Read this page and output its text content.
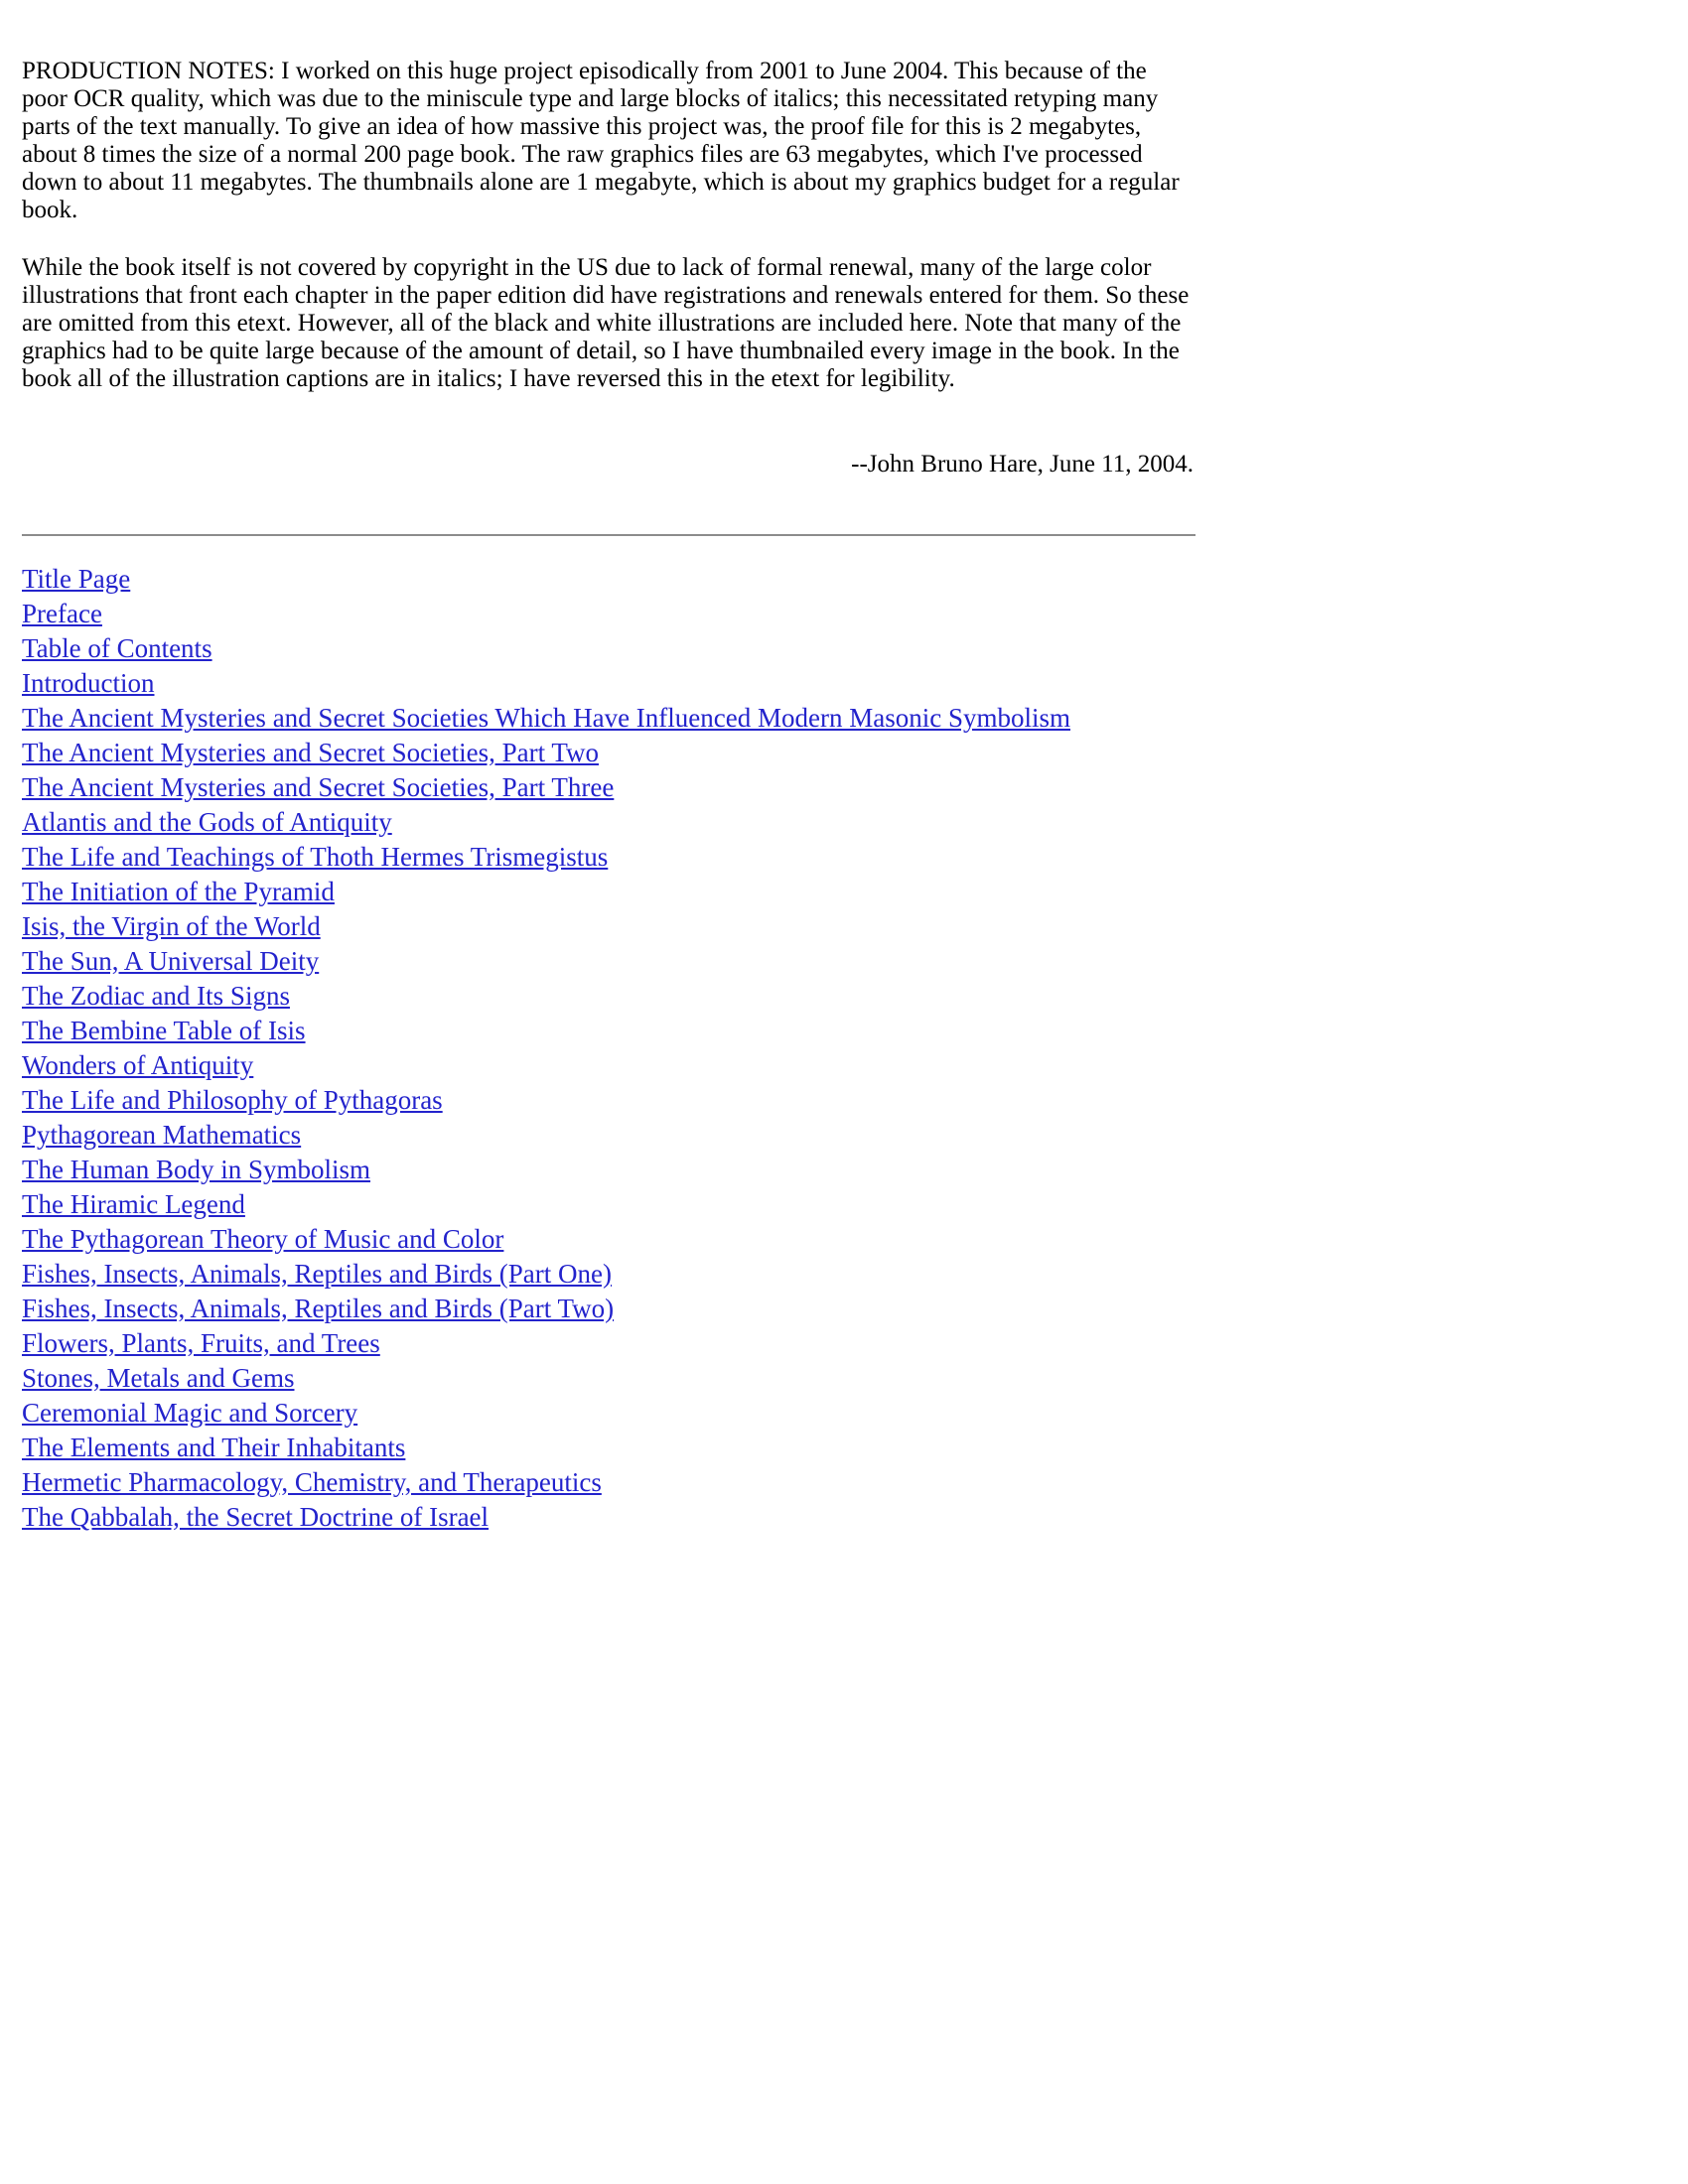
PRODUCTION NOTES: I worked on this huge project episodically from 2001 to June 2004. This because of the poor OCR quality, which was due to the miniscule type and large blocks of italics; this necessitated retyping many parts of the text manually. To give an idea of how massive this project was, the proof file for this is 2 megabytes, about 8 times the size of a normal 200 page book. The raw graphics files are 63 megabytes, which I've processed down to about 11 megabytes. The thumbnails alone are 1 megabyte, which is about my graphics budget for a regular book.

While the book itself is not covered by copyright in the US due to lack of formal renewal, many of the large color illustrations that front each chapter in the paper edition did have registrations and renewals entered for them. So these are omitted from this etext. However, all of the black and white illustrations are included here. Note that many of the graphics had to be quite large because of the amount of detail, so I have thumbnailed every image in the book. In the book all of the illustration captions are in italics; I have reversed this in the etext for legibility.

--John Bruno Hare, June 11, 2004.

Title Page
Preface
Table of Contents
Introduction
The Ancient Mysteries and Secret Societies Which Have Influenced Modern Masonic Symbolism
The Ancient Mysteries and Secret Societies, Part Two
The Ancient Mysteries and Secret Societies, Part Three
Atlantis and the Gods of Antiquity
The Life and Teachings of Thoth Hermes Trismegistus
The Initiation of the Pyramid
Isis, the Virgin of the World
The Sun, A Universal Deity
The Zodiac and Its Signs
The Bembine Table of Isis
Wonders of Antiquity
The Life and Philosophy of Pythagoras
Pythagorean Mathematics
The Human Body in Symbolism
The Hiramic Legend
The Pythagorean Theory of Music and Color
Fishes, Insects, Animals, Reptiles and Birds (Part One)
Fishes, Insects, Animals, Reptiles and Birds (Part Two)
Flowers, Plants, Fruits, and Trees
Stones, Metals and Gems
Ceremonial Magic and Sorcery
The Elements and Their Inhabitants
Hermetic Pharmacology, Chemistry, and Therapeutics
The Qabbalah, the Secret Doctrine of Israel
